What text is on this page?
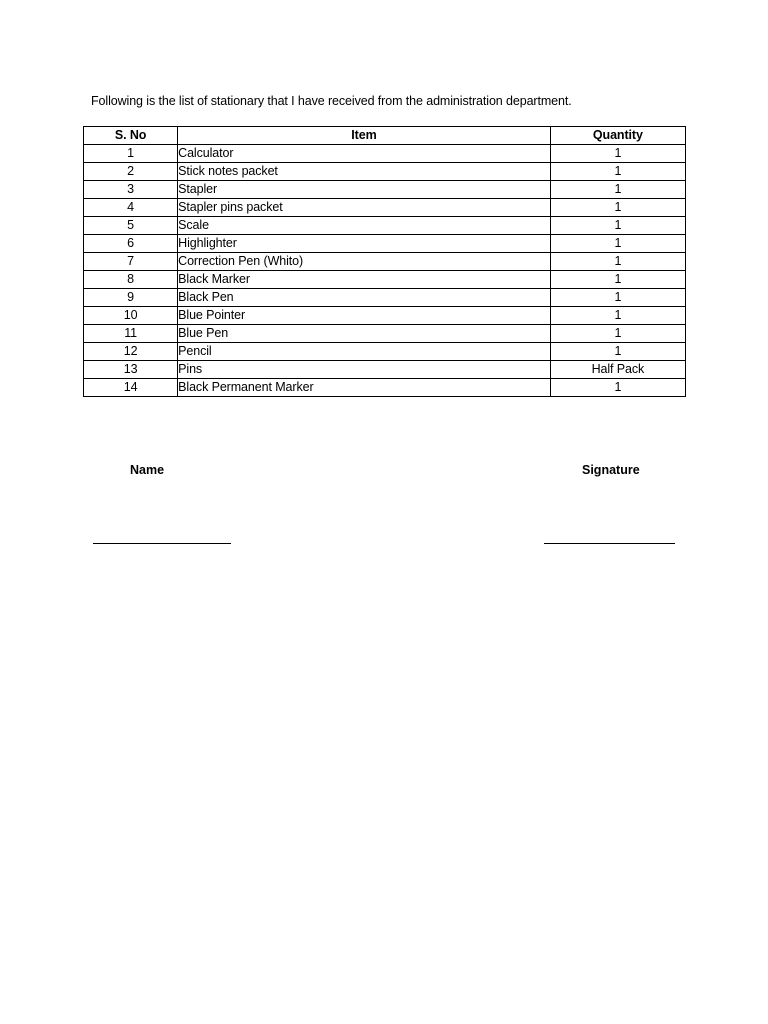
Following is the list of stationary that I have received from the administration department.
S. No	Item	Quantity
1	Calculator	1
2	Stick notes packet	1
3	Stapler	1
4	Stapler pins packet	1
5	Scale	1
6	Highlighter	1
7	Correction Pen (Whito)	1
8	Black Marker	1
9	Black Pen	1
10	Blue Pointer	1
11	Blue Pen	1
12	Pencil	1
13	Pins	Half Pack
14	Black Permanent Marker	1
Name	Signature
